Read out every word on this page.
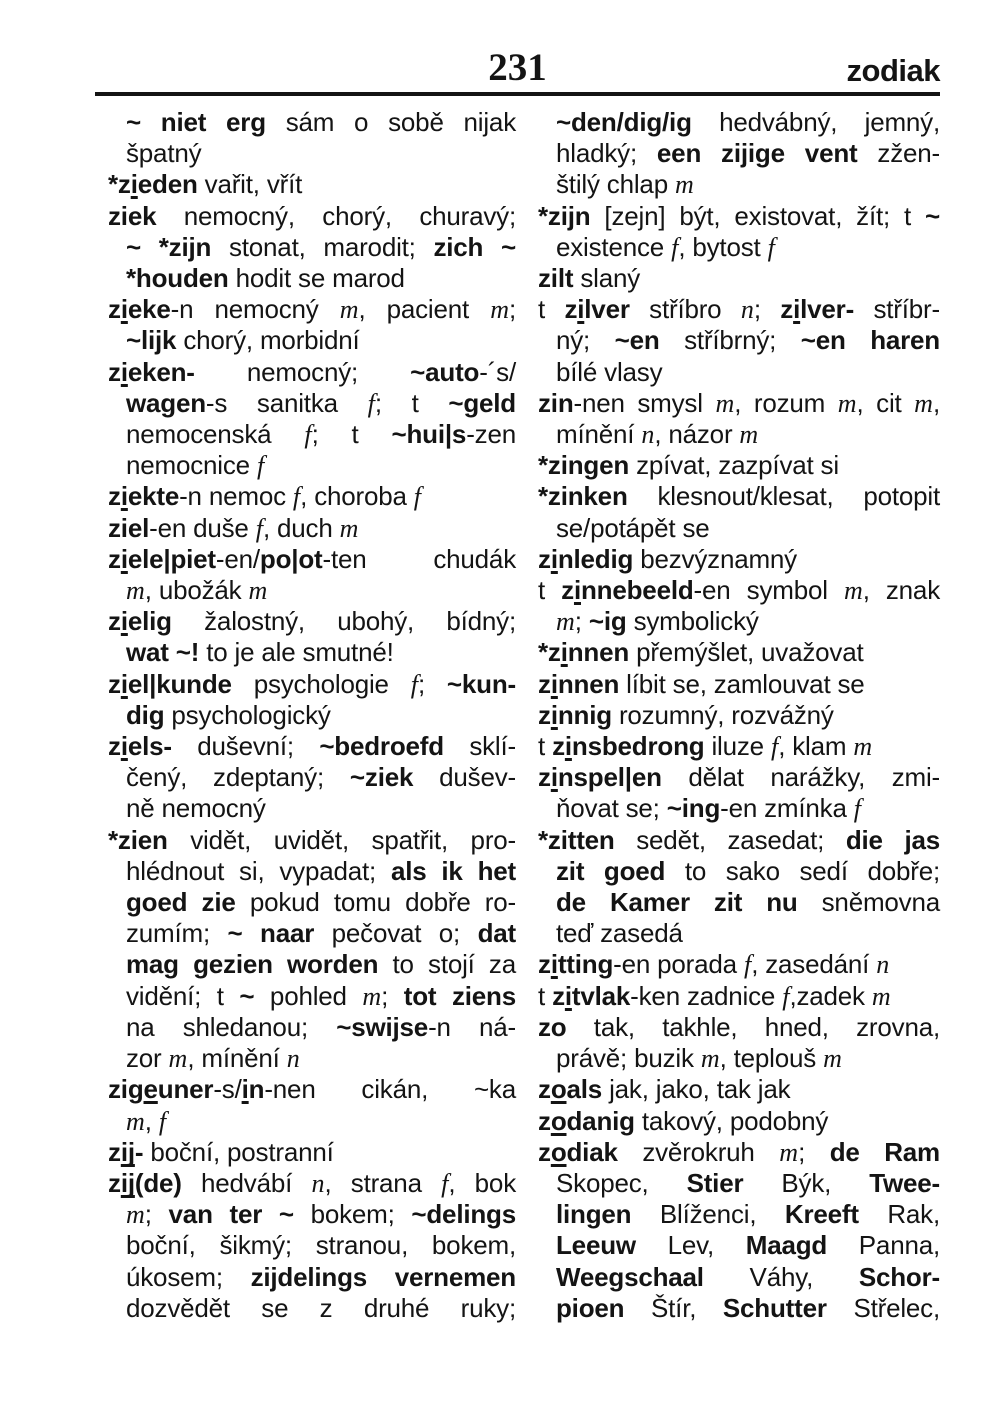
231	zodiak
~ niet erg sám o sobě nijak
špatný
*zieden vařit, vřít
ziek nemocný, chorý, churavý;
~ *zijn stonat, marodit; zich ~
*houden hodit se marod
zieke-n nemocný m, pacient m;
~lijk chorý, morbidní
zieken- nemocný; ~auto-´s/
wagen-s sanitka f; t ~geld
nemocenská f; t ~hui|s-zen
nemocnice f
ziekte-n nemoc f, choroba f
ziel-en duše f, duch m
ziele|piet-en/po|ot-ten chudák
m, ubožák m
zielig žalostný, ubohý, bídný;
wat ~! to je ale smutné!
ziel|kunde psychologie f; ~kun-
dig psychologický
ziels- duševní; ~bedroefd sklí-
čený, zdeptaný; ~ziek dušev-
ně nemocný
*zien vidět, uvidět, spatřit, pro-
hlédnout si, vypadat; als ik het
goed zie pokud tomu dobře ro-
zumím; ~ naar pečovat o; dat
mag gezien worden to stojí za
vidění; t ~ pohled m; tot ziens
na shledanou; ~swijse-n ná-
zor m, mínění n
zigeuner-s/in-nen cikán, ~ka
m, f
zij- boční, postranní
zij(de) hedvábí n, strana f, bok
m; van ter ~ bokem; ~delings
boční, šikmý; stranou, bokem,
úkosem; zijdelings vernemen
dozvědět se z druhé ruky;
~den/dig/ig hedvábný, jemný,
hladký; een zijige vent zžen-
štilý chlap m
*zijn [zejn] být, existovat, žít; t ~
existence f, bytost f
zilt slaný
t zilver stříbro n; zilver- stříbr-
ný; ~en stříbrný; ~en haren
bílé vlasy
zin-nen smysl m, rozum m, cit m,
mínění n, názor m
*zingen zpívat, zazpívat si
*zinken klesnout/klesat, potopit
se/potápět se
zinledig bezvýznamný
t zinnebeeld-en symbol m, znak
m; ~ig symbolický
*zinnen přemýšlet, uvažovat
zinnen líbit se, zamlouvat se
zinnig rozumný, rozvážný
t zinsbedrong iluze f, klam m
zinspel|en dělat narážky, zmi-
ňovat se; ~ing-en zmínka f
*zitten sedět, zasedat; die jas
zit goed to sako sedí dobře;
de Kamer zit nu sněmovna
teď zasedá
zitting-en porada f, zasedání n
t zitvlak-ken zadnice f,zadek m
zo tak, takhle, hned, zrovna,
právě; buzik m, teplouš m
zoals jak, jako, tak jak
zodanig takový, podobný
zodiak zvěrokruh m; de Ram
Skopec, Stier Býk, Twee-
lingen Blíženci, Kreeft Rak,
Leeuw Lev, Maagd Panna,
Weegschaal Váhy, Schor-
pioen Štír, Schutter Střelec,
